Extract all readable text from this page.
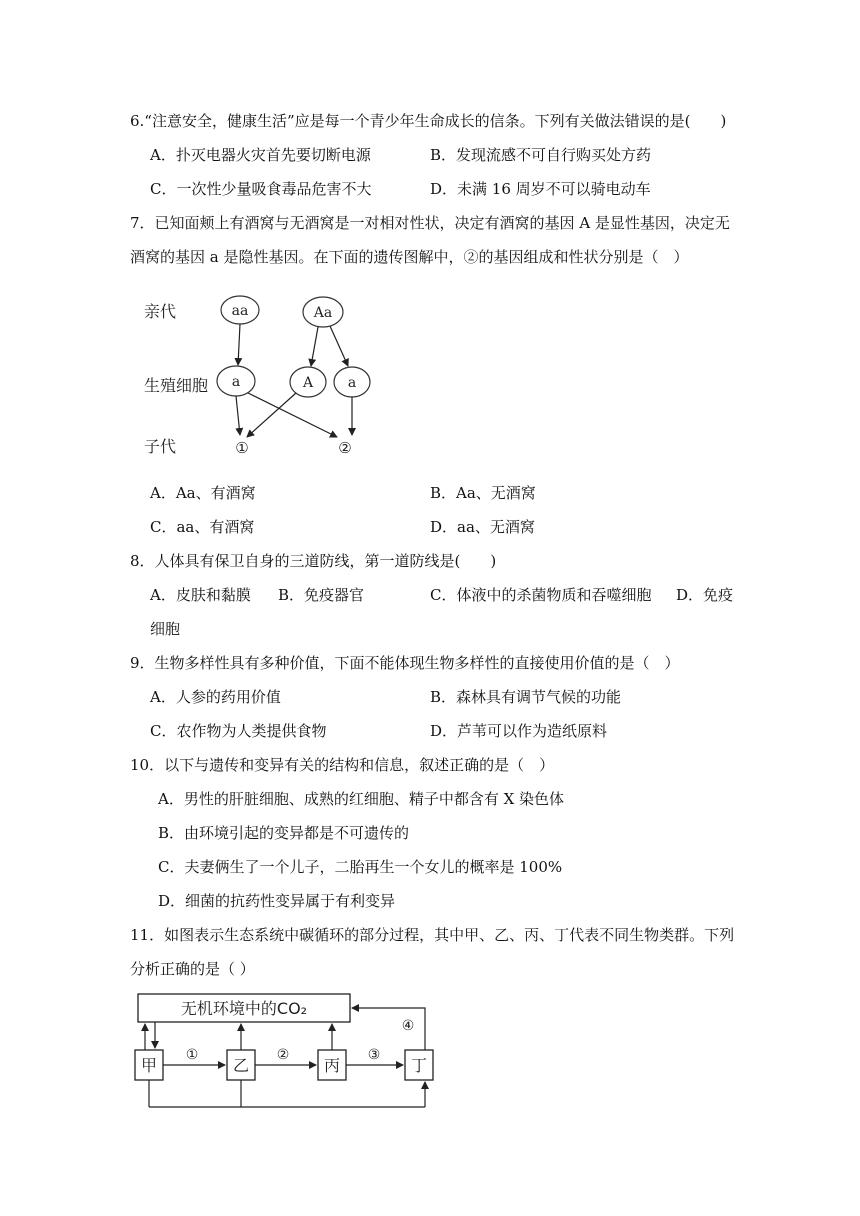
6.“注意安全，健康生活”应是每一个青少年生命成长的信条。下列有关做法错误的是(　　)
A．扑灭电器火灾首先要切断电源	B．发现流感不可自行购买处方药
C．一次性少量吸食毒品危害不大	D．未满 16 周岁不可以骑电动车
7．已知面颊上有酒窝与无酒窝是一对相对性状，决定有酒窝的基因 A 是显性基因，决定无
酒窝的基因 a 是隐性基因。在下面的遗传图解中，②的基因组成和性状分别是（　）
亲代
生殖细胞
子代
aa	Aa
a	A a
①	②
A．Aa、有酒窝	B．Aa、无酒窝
C．aa、有酒窝	D．aa、无酒窝
8．人体具有保卫自身的三道防线，第一道防线是(　　)
A．皮肤和黏膜 B．免疫器官	C．体液中的杀菌物质和吞噬细胞 D．免疫
细胞
9．生物多样性具有多种价值，下面不能体现生物多样性的直接使用价值的是（　）
A．人参的药用价值	B．森林具有调节气候的功能
C．农作物为人类提供食物	D．芦苇可以作为造纸原料
10．以下与遗传和变异有关的结构和信息，叙述正确的是（　）
A．男性的肝脏细胞、成熟的红细胞、精子中都含有 X 染色体
B．由环境引起的变异都是不可遗传的
C．夫妻俩生了一个儿子，二胎再生一个女儿的概率是 100%
D．细菌的抗药性变异属于有利变异
11．如图表示生态系统中碳循环的部分过程，其中甲、乙、丙、丁代表不同生物类群。下列
分析正确的是（ ）
无机环境中的CO₂
甲	乙	丙	丁
①	②	③
④
